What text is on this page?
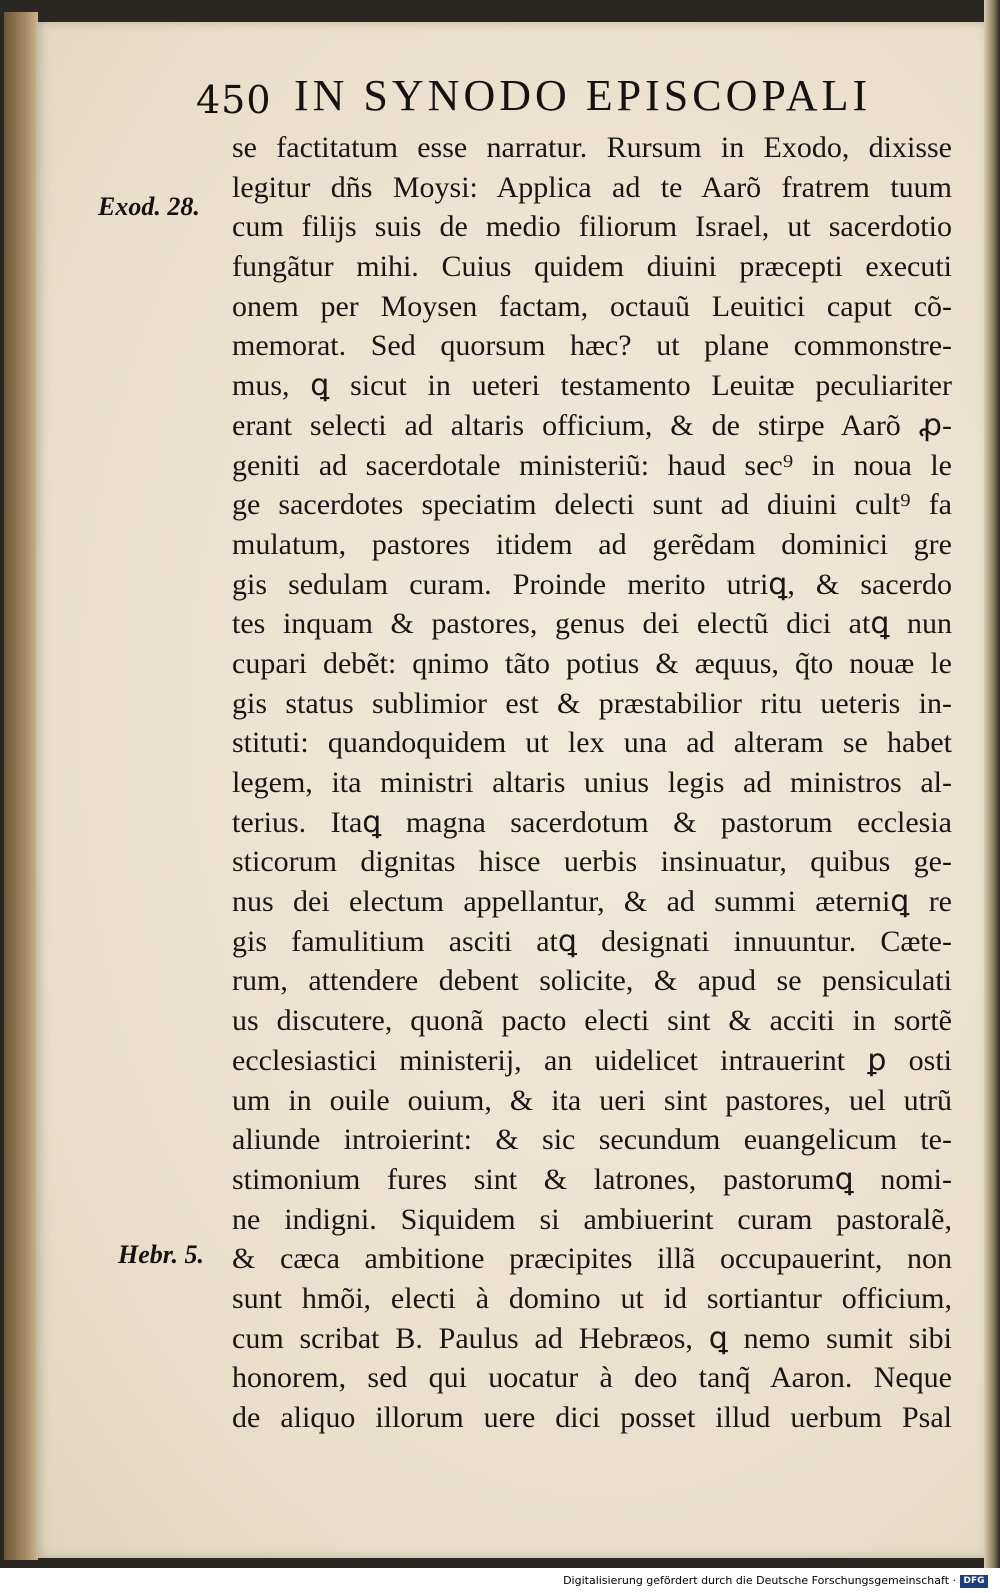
450 IN SYNODO EPISCOPALI
Exod. 28.
Hebr. 5.
se factitatum esse narratur. Rursum in Exodo, dixisse
legitur dñs Moysi: Applica ad te Aarõ fratrem tuum
cum filijs suis de medio filiorum Israel, ut sacerdotio
fungãtur mihi. Cuius quidem diuini præcepti executi
onem per Moysen factam, octauũ Leuitici caput cõ-
memorat. Sed quorsum hæc? ut plane commonstre-
mus, ꝗ sicut in ueteri testamento Leuitæ peculiariter
erant selecti ad altaris officium, & de stirpe Aarõ ꝓ-
geniti ad sacerdotale ministeriũ: haud sec⁹ in noua le
ge sacerdotes speciatim delecti sunt ad diuini cult⁹ fa
mulatum, pastores itidem ad gerẽdam dominici gre
gis sedulam curam. Proinde merito utriꝗ, & sacerdo
tes inquam & pastores, genus dei electũ dici atꝗ nun
cupari debẽt: qnimo tãto potius & æquus, q̃to nouæ le
gis status sublimior est & præstabilior ritu ueteris in-
stituti: quandoquidem ut lex una ad alteram se habet
legem, ita ministri altaris unius legis ad ministros al-
terius. Itaꝗ magna sacerdotum & pastorum ecclesia
sticorum dignitas hisce uerbis insinuatur, quibus ge-
nus dei electum appellantur, & ad summi æterniꝗ re
gis famulitium asciti atꝗ designati innuuntur. Cæte-
rum, attendere debent solicite, & apud se pensiculati
us discutere, quonã pacto electi sint & acciti in sortẽ
ecclesiastici ministerij, an uidelicet intrauerint ꝑ osti
um in ouile ouium, & ita ueri sint pastores, uel utrũ
aliunde introierint: & sic secundum euangelicum te-
stimonium fures sint & latrones, pastorumꝗ nomi-
ne indigni. Siquidem si ambiuerint curam pastoralẽ,
& cæca ambitione præcipites illã occupauerint, non
sunt hmõi, electi à domino ut id sortiantur officium,
cum scribat B. Paulus ad Hebræos, ꝗ nemo sumit sibi
honorem, sed qui uocatur à deo tanq̃ Aaron. Neque
de aliquo illorum uere dici posset illud uerbum Psal
Digitalisierung gefördert durch die Deutsche Forschungsgemeinschaft · DFG
